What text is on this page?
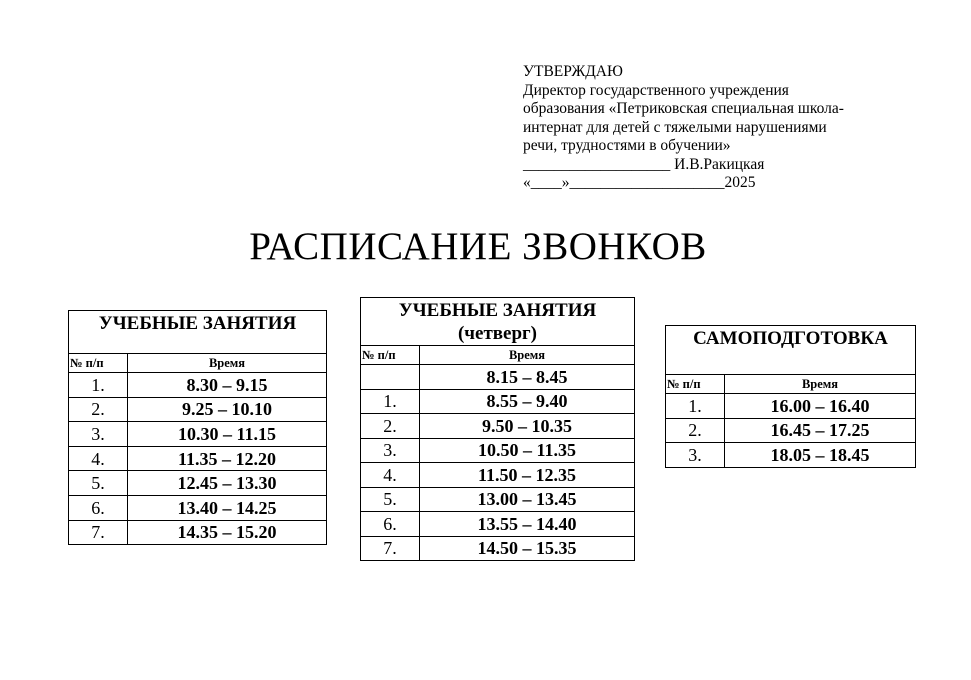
УТВЕРЖДАЮ
Директор государственного учреждения
образования «Петриковская специальная школа-
интернат для детей с тяжелыми нарушениями
речи, трудностями в обучении»
___________________ И.В.Ракицкая
«____»____________________2025
РАСПИСАНИЕ ЗВОНКОВ
УЧЕБНЫЕ ЗАНЯТИЯ	
№ п/п	Время
1.	8.30 – 9.15
2.	9.25 – 10.10
3.	10.30 – 11.15
4.	11.35 – 12.20
5.	12.45 – 13.30
6.	13.40 – 14.25
7.	14.35 – 15.20
УЧЕБНЫЕ ЗАНЯТИЯ
(четверг)	

№ п/п	Время
	8.15 – 8.45
1.	8.55 – 9.40
2.	9.50 – 10.35
3.	10.50 – 11.35
4.	11.50 – 12.35
5.	13.00 – 13.45
6.	13.55 – 14.40
7.	14.50 – 15.35
САМОПОДГОТОВКА	
№ п/п	Время
1.	16.00 – 16.40
2.	16.45 – 17.25
3.	18.05 – 18.45
